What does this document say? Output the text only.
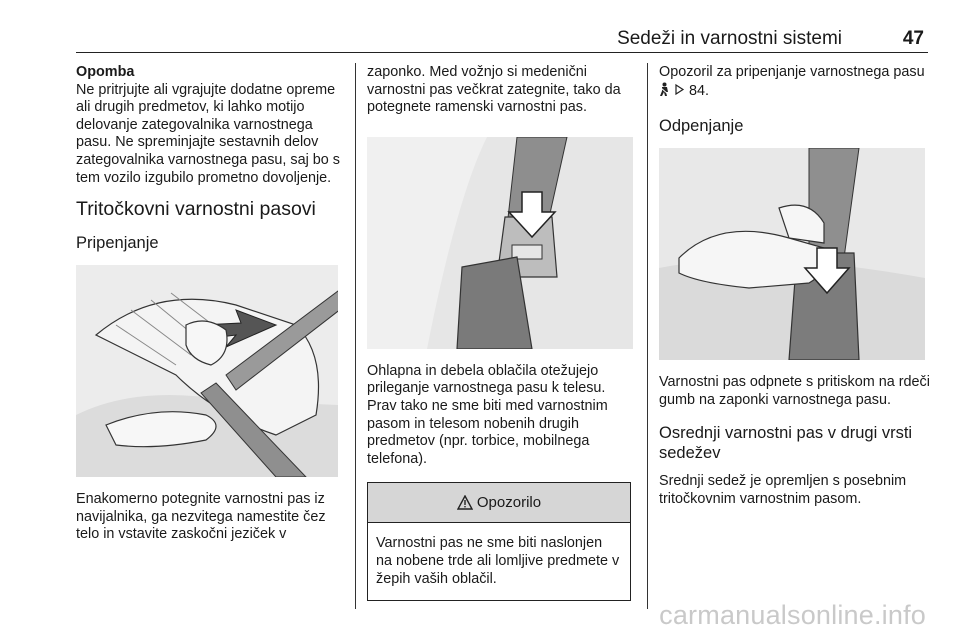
Sedeži in varnostni sistemi	47
Opomba
Ne pritrjujte ali vgrajujte dodatne opreme ali drugih predmetov, ki lahko motijo delovanje zategovalnika varnostnega pasu. Ne spreminjajte sestavnih delov zategovalnika varnostnega pasu, saj bo s tem vozilo izgubilo prometno dovoljenje.
Tritočkovni varnostni pasovi
Pripenjanje
Enakomerno potegnite varnostni pas iz navijalnika, ga nezvitega namestite čez telo in vstavite zaskočni jeziček v
zaponko. Med vožnjo si medenični varnostni pas večkrat zategnite, tako da potegnete ramenski varnostni pas.
Ohlapna in debela oblačila otežujejo prileganje varnostnega pasu k telesu. Prav tako ne sme biti med varnostnim pasom in telesom nobenih drugih predmetov (npr. torbice, mobilnega telefona).
Opozorilo
Varnostni pas ne sme biti naslonjen na nobene trde ali lomljive predmete v žepih vaših oblačil.
Opozoril za pripenjanje varnostnega pasu   84.
Odpenjanje
Varnostni pas odpnete s pritiskom na rdeči gumb na zaponki varnostnega pasu.
Osrednji varnostni pas v drugi vrsti sedežev
Srednji sedež je opremljen s posebnim tritočkovnim varnostnim pasom.
carmanualsonline.info
